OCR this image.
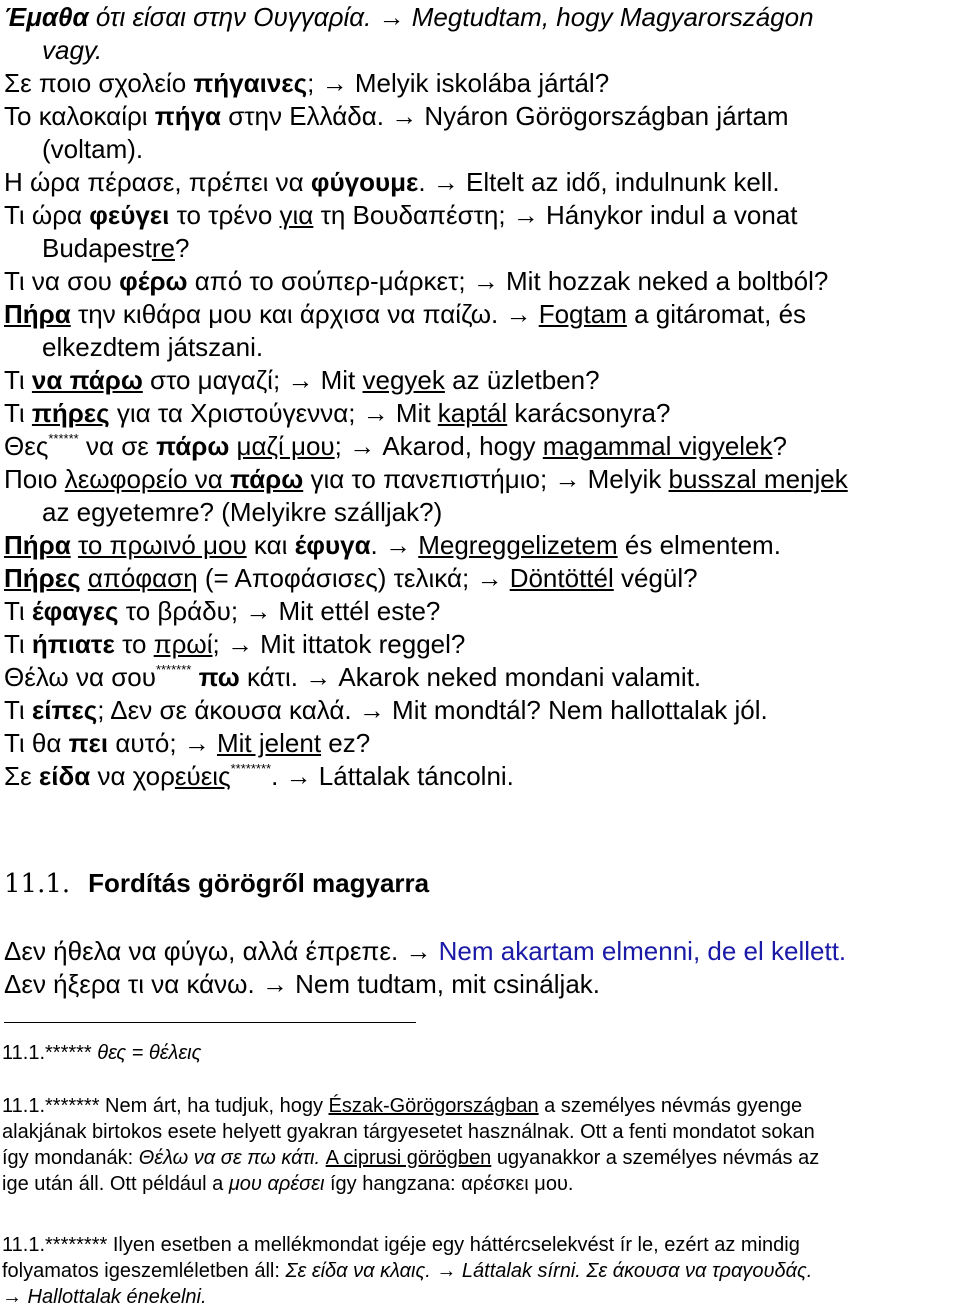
Έμαθα ότι είσαι στην Ουγγαρία. → Megtudtam, hogy Magyarországon
vagy.
Σε ποιο σχολείο πήγαινες; → Melyik iskolába jártál?
Το καλοκαίρι πήγα στην Ελλάδα. → Nyáron Görögországban jártam
(voltam).
Η ώρα πέρασε, πρέπει να φύγουμε. → Eltelt az idő, indulnunk kell.
Τι ώρα φεύγει το τρένο για τη Βουδαπέστη; → Hánykor indul a vonat
Budapestre?
Τι να σου φέρω από το σούπερ-μάρκετ; → Mit hozzak neked a boltból?
Πήρα την κιθάρα μου και άρχισα να παίζω. → Fogtam a gitáromat, és
elkezdtem játszani.
Τι να πάρω στο μαγαζί; → Mit vegyek az üzletben?
Τι πήρες για τα Χριστούγεννα; → Mit kaptál karácsonyra?
Θες****** να σε πάρω μαζί μου; → Akarod, hogy magammal vigyelek?
Ποιο λεωφορείο να πάρω για το πανεπιστήμιο; → Melyik busszal menjek
az egyetemre? (Melyikre szálljak?)
Πήρα το πρωινό μου και έφυγα. → Megreggelizetem és elmentem.
Πήρες απόφαση (= Αποφάσισες) τελικά; → Döntöttél végül?
Τι έφαγες το βράδυ; → Mit ettél este?
Τι ήπιατε το πρωί; → Mit ittatok reggel?
Θέλω να σου******* πω κάτι. → Akarok neked mondani valamit.
Τι είπες; Δεν σε άκουσα καλά. → Mit mondtál? Nem hallottalak jól.
Τι θα πει αυτό; → Mit jelent ez?
Σε είδα να χορεύεις********. → Láttalak táncolni.
11.1. Fordítás görögről magyarra
Δεν ήθελα να φύγω, αλλά έπρεπε. → Nem akartam elmenni, de el kellett.
Δεν ήξερα τι να κάνω. → Nem tudtam, mit csináljak.
11.1.****** θες = θέλεις
11.1.******* Nem árt, ha tudjuk, hogy Észak-Görögországban a személyes névmás gyenge
alakjának birtokos esete helyett gyakran tárgyesetet használnak. Ott a fenti mondatot sokan
így mondanák: Θέλω να σε πω κάτι. A ciprusi görögben ugyanakkor a személyes névmás az
ige után áll. Ott például a μου αρέσει így hangzana: αρέσκει μου.
11.1.******** Ilyen esetben a mellékmondat igéje egy háttércselekvést ír le, ezért az mindig
folyamatos igeszemléletben áll: Σε είδα να κλαις. → Láttalak sírni. Σε άκουσα να τραγουδάς.
→ Hallottalak énekelni.
